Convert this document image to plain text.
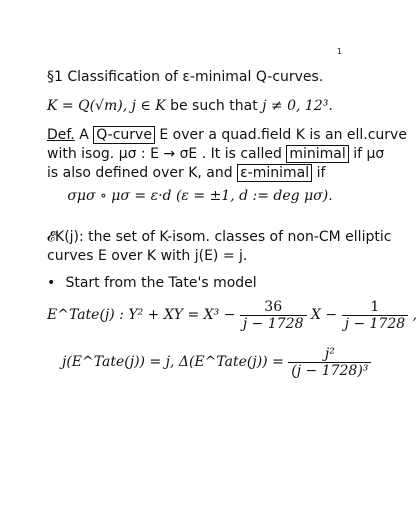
1
§1 Classification of ε-minimal Q-curves.
K = Q(√m), j ∈ K be such that j ≠ 0, 12³.
Def. A Q-curve E over a quad.field K is an ell.curve
with isog. μσ : E → σE . It is called minimal if μσ
is also defined over K, and ε-minimal if
σμσ ∘ μσ = ε·d (ε = ±1, d := deg μσ).
𝓔K(j): the set of K-isom. classes of non-CM elliptic
curves E over K with j(E) = j.
• Start from the Tate's model
E^Tate(j) : Y² + XY = $X^3 - \frac{36}{j - 1728}$ $X - \frac{1}{j - 1728}$ ,
j(E^Tate(j)) = j, Δ(E^Tate(j)) = $\frac{\text{j²}}{\text{(j − 1728)³}}$
